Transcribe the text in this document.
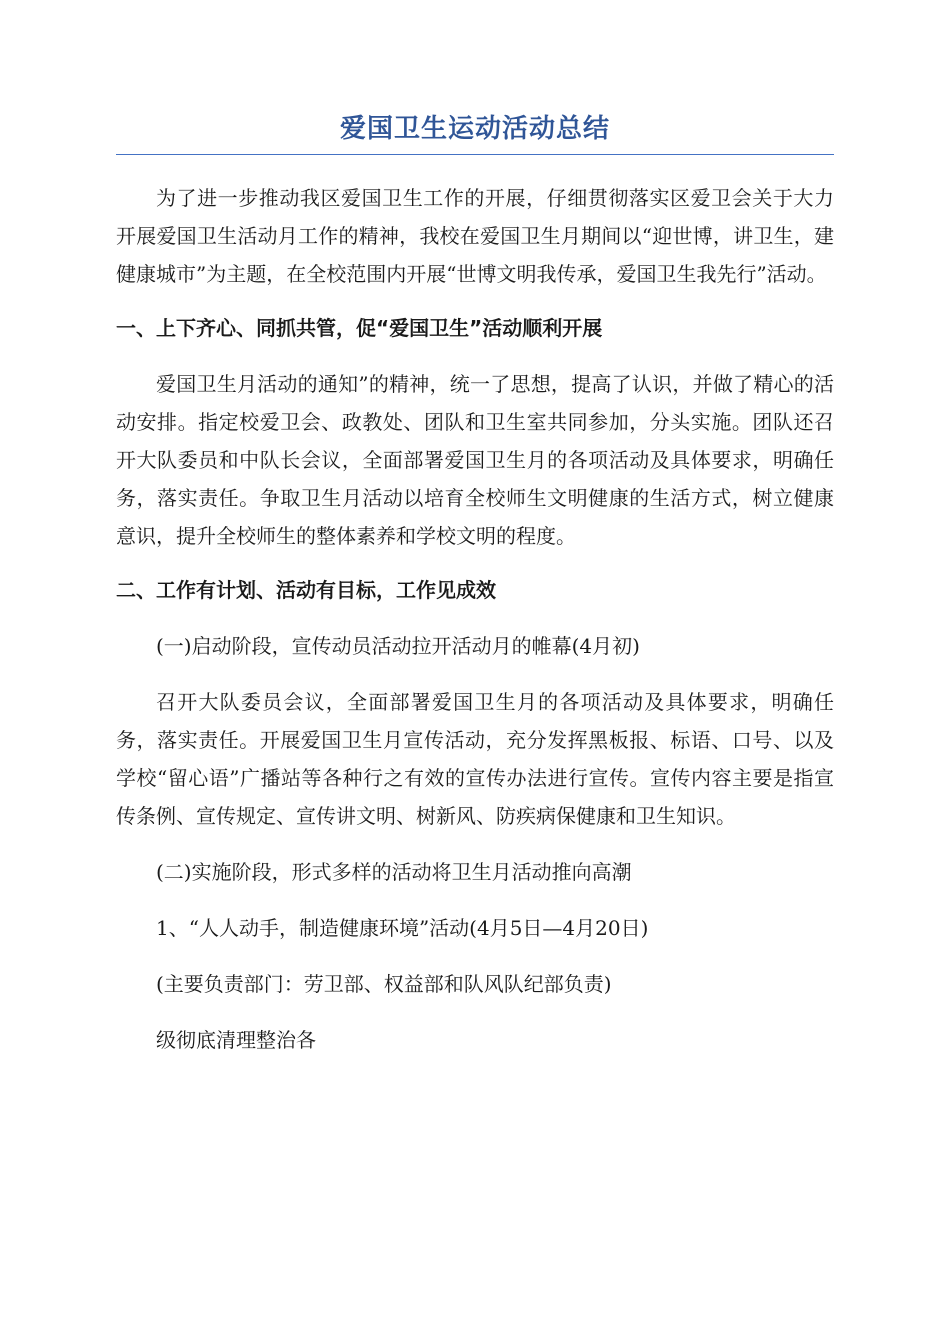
爱国卫生运动活动总结

为了进一步推动我区爱国卫生工作的开展，仔细贯彻落实区爱卫会关于大力开展爱国卫生活动月工作的精神，我校在爱国卫生月期间以“迎世博，讲卫生，建健康城市”为主题，在全校范围内开展“世博文明我传承，爱国卫生我先行”活动。

一、上下齐心、同抓共管，促“爱国卫生”活动顺利开展

爱国卫生月活动的通知”的精神，统一了思想，提高了认识，并做了精心的活动安排。指定校爱卫会、政教处、团队和卫生室共同参加，分头实施。团队还召开大队委员和中队长会议，全面部署爱国卫生月的各项活动及具体要求，明确任务，落实责任。争取卫生月活动以培育全校师生文明健康的生活方式，树立健康意识，提升全校师生的整体素养和学校文明的程度。

二、工作有计划、活动有目标，工作见成效

(一)启动阶段，宣传动员活动拉开活动月的帷幕(4月初)

召开大队委员会议，全面部署爱国卫生月的各项活动及具体要求，明确任务，落实责任。开展爱国卫生月宣传活动，充分发挥黑板报、标语、口号、以及学校“留心语”广播站等各种行之有效的宣传办法进行宣传。宣传内容主要是指宣传条例、宣传规定、宣传讲文明、树新风、防疾病保健康和卫生知识。

(二)实施阶段，形式多样的活动将卫生月活动推向高潮

1、“人人动手，制造健康环境”活动(4月5日—4月20日)

(主要负责部门：劳卫部、权益部和队风队纪部负责)

级彻底清理整治各
